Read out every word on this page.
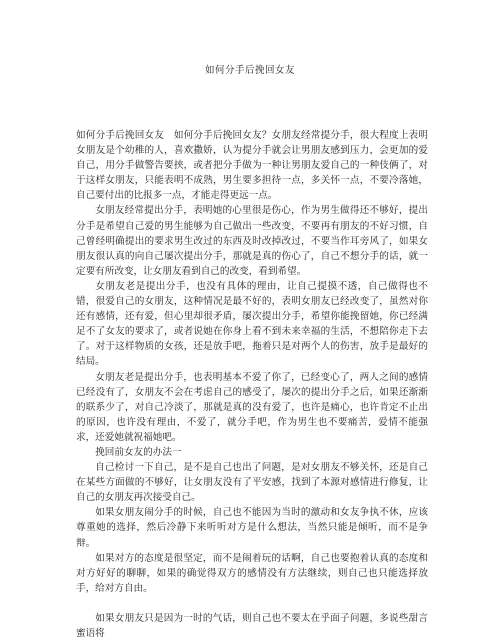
如何分手后挽回女友

如何分手后挽回女友　如何分手后挽回女友？女朋友经常提分手，很大程度上表明女朋友是个幼稚的人，喜欢撒娇，认为提分手就会让男朋友感到压力，会更加的爱自己，用分手做警告要挟，或者把分手做为一种让男朋友爱自己的一种伎俩了，对于这样女朋友，只能表明不成熟，男生要多担待一点，多关怀一点，不要冷落她，自己要付出的比报多一点，才能走得更远一点。

女朋友经常提出分手，表明她的心里很是伤心，作为男生做得还不够好，提出分手是希望自己爱的男生能够为自己做出一些改变，不要再有朋友的不好习惯，自己曾经明确提出的要求男生改过的东西及时改掉改过，不要当作耳旁风了，如果女朋友很认真的向自己屡次提出分手，那就是真的伤心了，自己不想分手的话，就一定要有所改变，让女朋友看到自己的改变，看到希望。

女朋友老是提出分手，也没有具体的理由，让自己提摸不透，自己做得也不错，很爱自己的女朋友，这种情况是最不好的，表明女朋友已经改变了，虽然对你还有感情，还有爱，但心里却很矛盾，屡次提出分手，希望你能挽留她，你已经满足不了女友的要求了，或者说她在你身上看不到未来幸福的生活，不想陪你走下去了。对于这样物质的女孩，还是放手吧，拖着只是对两个人的伤害，放手是最好的结局。

女朋友老是提出分手，也表明基本不爱了你了，已经变心了，两人之间的感情已经没有了，女朋友不会在考虑自己的感受了，屡次的提出分手之后，如果还渐渐的联系少了，对自己冷淡了，那就是真的没有爱了，也许是痛心，也许肯定不止出的原因，也许没有理由，不爱了，就分手吧，作为男生也不要痛苦，爱情不能强求，还爱她就祝福她吧。

挽回前女友的办法一

自己检讨一下自己，是不是自己也出了问题，是对女朋友不够关怀，还是自己在某些方面做的不够好，让女朋友没有了平安感，找到了本源对感情进行修复，让自己的女朋友再次接受自己。

如果女朋友闹分手的时候，自己也不能因为当时的激动和女友争执不休，应该尊重她的选择，然后冷静下来听听对方是什么想法，当然只能是倾听，而不是争辩。

如果对方的态度是很坚定，而不是闹着玩的话啊，自己也要抱着认真的态度和对方好好的聊聊，如果的确觉得双方的感情没有方法继续，则自己也只能选择放手，给对方自由。

如果女朋友只是因为一时的气话，则自己也不要太在乎面子问题，多说些甜言蜜语将
